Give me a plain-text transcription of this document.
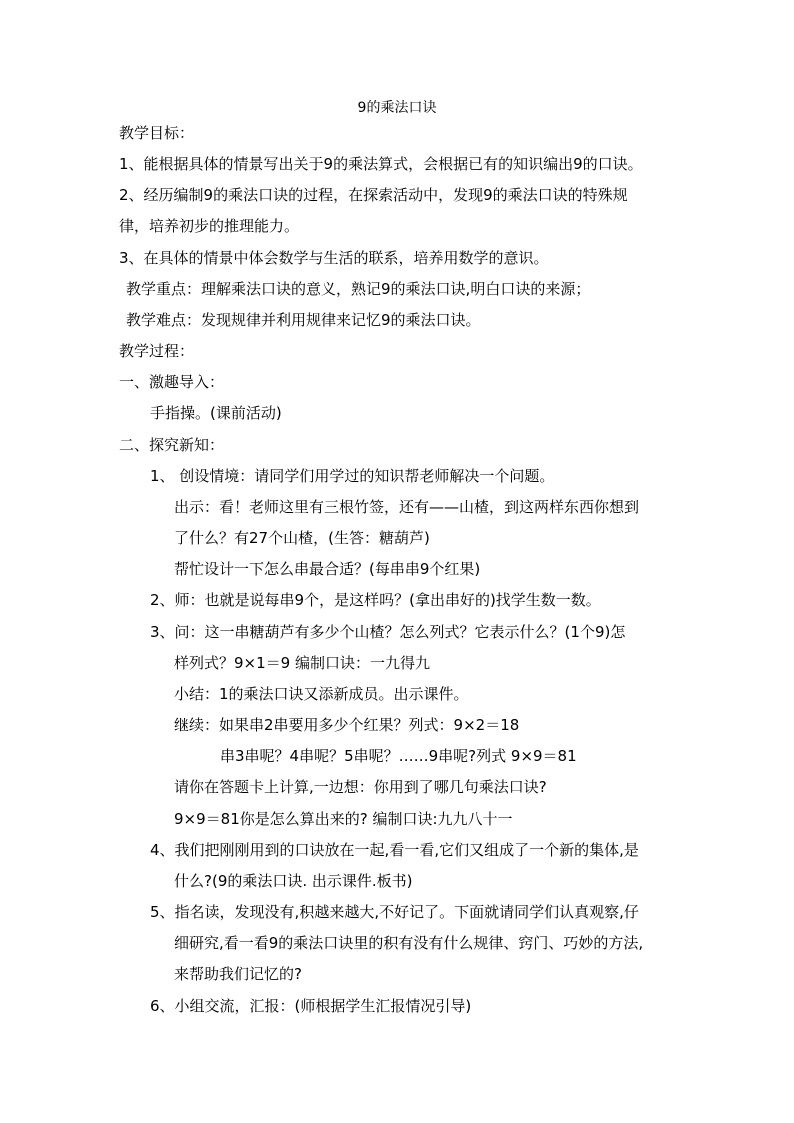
9的乘法口诀
教学目标：
1、能根据具体的情景写出关于9的乘法算式，会根据已有的知识编出9的口诀。
2、经历编制9的乘法口诀的过程，在探索活动中，发现9的乘法口诀的特殊规
律，培养初步的推理能力。
3、在具体的情景中体会数学与生活的联系，培养用数学的意识。
教学重点：理解乘法口诀的意义，熟记9的乘法口诀,明白口诀的来源；
教学难点：发现规律并利用规律来记忆9的乘法口诀。
教学过程：
一、激趣导入：
手指操。(课前活动)
二、探究新知：
1、 创设情境：请同学们用学过的知识帮老师解决一个问题。
出示：看！老师这里有三根竹签，还有——山楂，到这两样东西你想到
了什么？有27个山楂，(生答：糖葫芦)
帮忙设计一下怎么串最合适？(每串串9个红果)
2、师：也就是说每串9个，是这样吗？(拿出串好的)找学生数一数。
3、问：这一串糖葫芦有多少个山楂？怎么列式？它表示什么？(1个9)怎
样列式？9×1＝9 编制口诀：一九得九
小结：1的乘法口诀又添新成员。出示课件。
继续：如果串2串要用多少个红果？列式：9×2＝18
串3串呢？4串呢？5串呢？……9串呢?列式 9×9＝81
请你在答题卡上计算,一边想：你用到了哪几句乘法口诀?
9×9＝81你是怎么算出来的? 编制口诀:九九八十一
4、我们把刚刚用到的口诀放在一起,看一看,它们又组成了一个新的集体,是
什么?(9的乘法口诀. 出示课件.板书)
5、指名读，发现没有,积越来越大,不好记了。下面就请同学们认真观察,仔
细研究,看一看9的乘法口诀里的积有没有什么规律、窍门、巧妙的方法,
来帮助我们记忆的?
6、小组交流，汇报：(师根据学生汇报情况引导)
